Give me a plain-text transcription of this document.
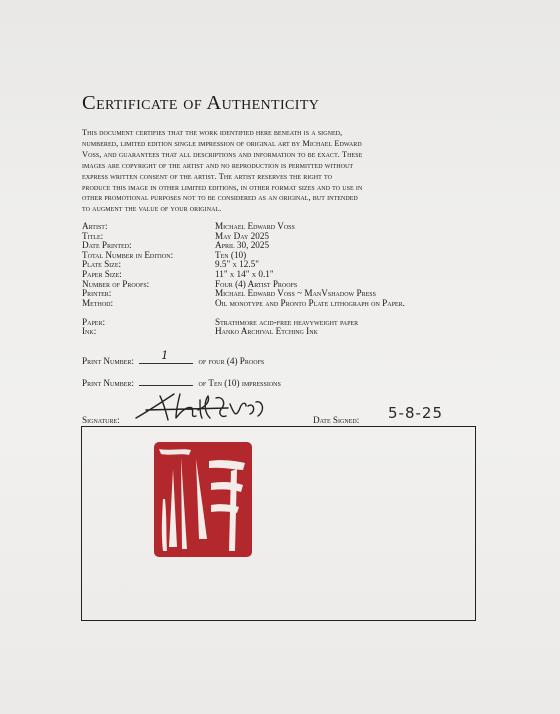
Certificate of Authenticity
This document certifies that the work identified here beneath is a signed,
numbered, limited edition single impression of original art by Michael Edward
Voss, and guarantees that all descriptions and information to be exact. These
images are copyright of the artist and no reproduction is permitted without
express written consent of the artist. The artist reserves the right to
produce this image in other limited editions, in other format sizes and to use in
other promotional purposes not to be considered as an original, but intended
to augment the value of your original.
Artist:	Michael Edward Voss
Title:	May Day 2025
Date Printed:	April 30, 2025
Total Number in Edition:	Ten (10)
Plate Size:	9.5" x 12.5"
Paper Size:	11" x 14" x 0.1"
Number of Proofs:	Four (4) Artist Proofs
Printer:	Michael Edward Voss ~ ManVshadow Press
Method:	Oil monotype and Pronto Plate lithograph on Paper.
Paper:	Strathmore acid-free heavyweight paper
Ink:	Hanko Archival Etching Ink
Print Number: 1	of four (4) Proofs
Print Number:	of Ten (10) impressions
Signature:	Date Signed: 5-8-25
